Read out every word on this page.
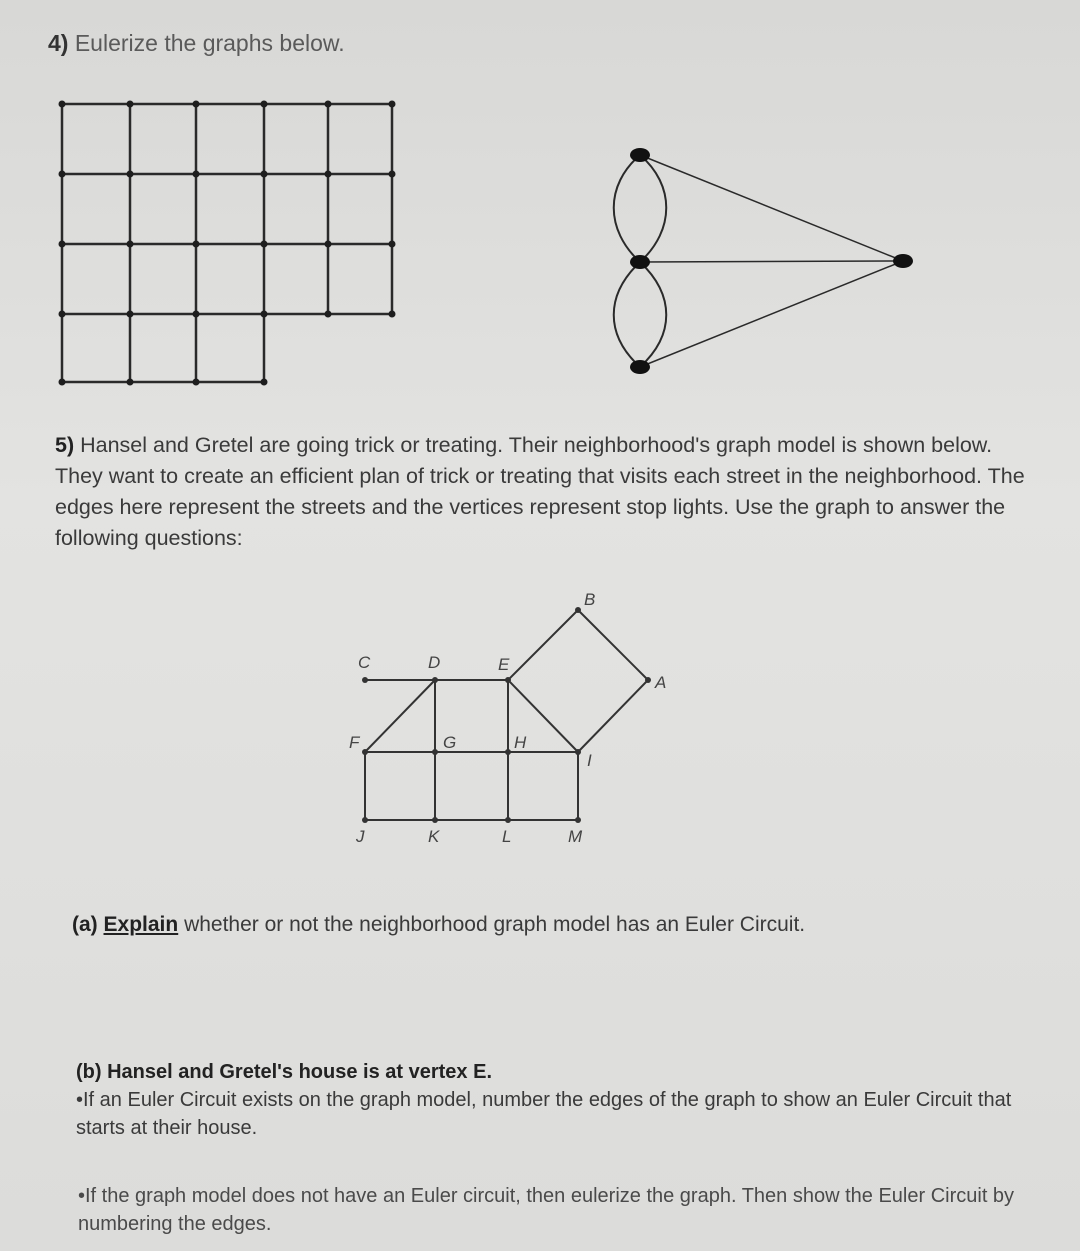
4) Eulerize the graphs below.
B
A
C	D	E
F	G	H
I
J	K	L	M
5) Hansel and Gretel are going trick or treating. Their neighborhood's graph model is shown below. They want to create an efficient plan of trick or treating that visits each street in the neighborhood. The edges here represent the streets and the vertices represent stop lights. Use the graph to answer the following questions:
(a) Explain whether or not the neighborhood graph model has an Euler Circuit.
(b) Hansel and Gretel's house is at vertex E.
•If an Euler Circuit exists on the graph model, number the edges of the graph to show an Euler Circuit that starts at their house.
•If the graph model does not have an Euler circuit, then eulerize the graph. Then show the Euler Circuit by numbering the edges.
